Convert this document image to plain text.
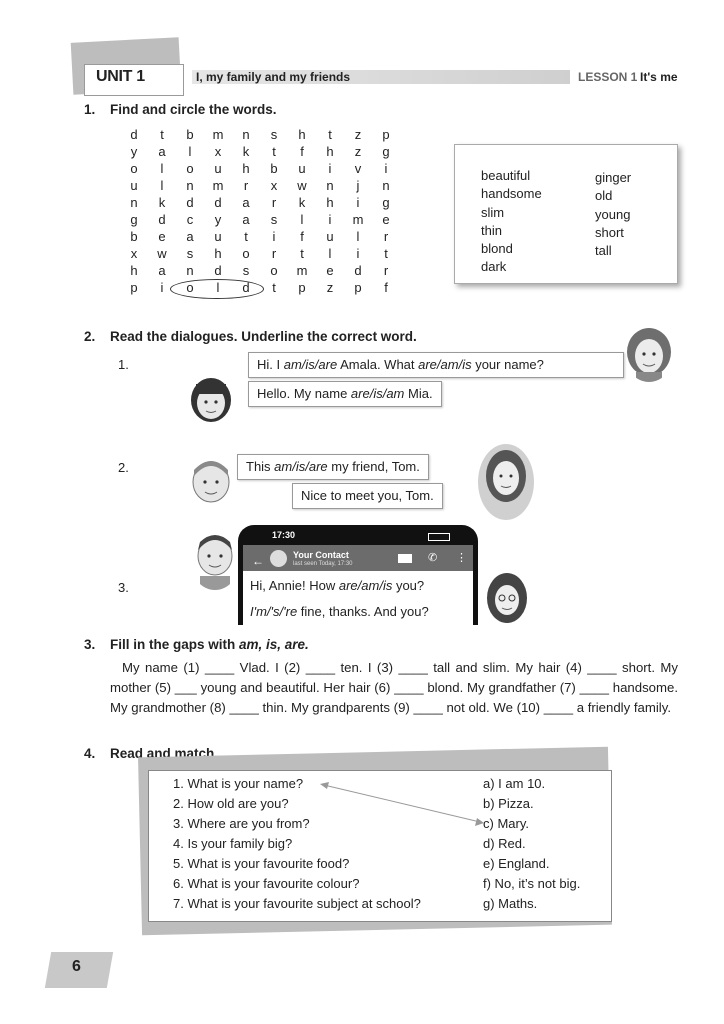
UNIT 1	I, my family and my friends	LESSON 1 It's me
1. Find and circle the words.
d	t	b	m	n	s	h	t	z	p
y	a	l	x	k	t	f	h	z	g
o	l	o	u	h	b	u	i	v	i
u	l	n	m	r	x	w	n	j	n
n	k	d	d	a	r	k	h	i	g
g	d	c	y	a	s	l	i	m	e
b	e	a	u	t	i	f	u	l	r
x	w	s	h	o	r	t	l	i	t
h	a	n	d	s	o	m	e	d	r
p	i	o	l	d	t	p	z	p	f
beautiful
handsome
slim
thin
blond
dark
ginger
old
young
short
tall
2. Read the dialogues. Underline the correct word.
1.	Hi. I am/is/are Amala. What are/am/is your name?
Hello. My name are/is/am Mia.
2.	This am/is/are my friend, Tom.
Nice to meet you, Tom.
3.
17:30
←	Your Contact
last seen Today, 17:30	✆ ⋮
Hi, Annie! How are/am/is you?
I'm/'s/'re fine, thanks. And you?
3. Fill in the gaps with am, is, are.
My name (1) ____ Vlad. I (2) ____ ten. I (3) ____ tall and slim. My hair (4) ____ short. My mother (5) ___ young and beautiful. Her hair (6) ____ blond. My grandfather (7) ____ handsome. My grandmother (8) ____ thin. My grandparents (9) ____ not old. We (10) ____ a friendly family.
4. Read and match.
1. What is your name?
2. How old are you?
3. Where are you from?
4. Is your family big?
5. What is your favourite food?
6. What is your favourite colour?
7. What is your favourite subject at school?
a) I am 10.
b) Pizza.
c) Mary.
d) Red.
e) England.
f) No, it’s not big.
g) Maths.
6
